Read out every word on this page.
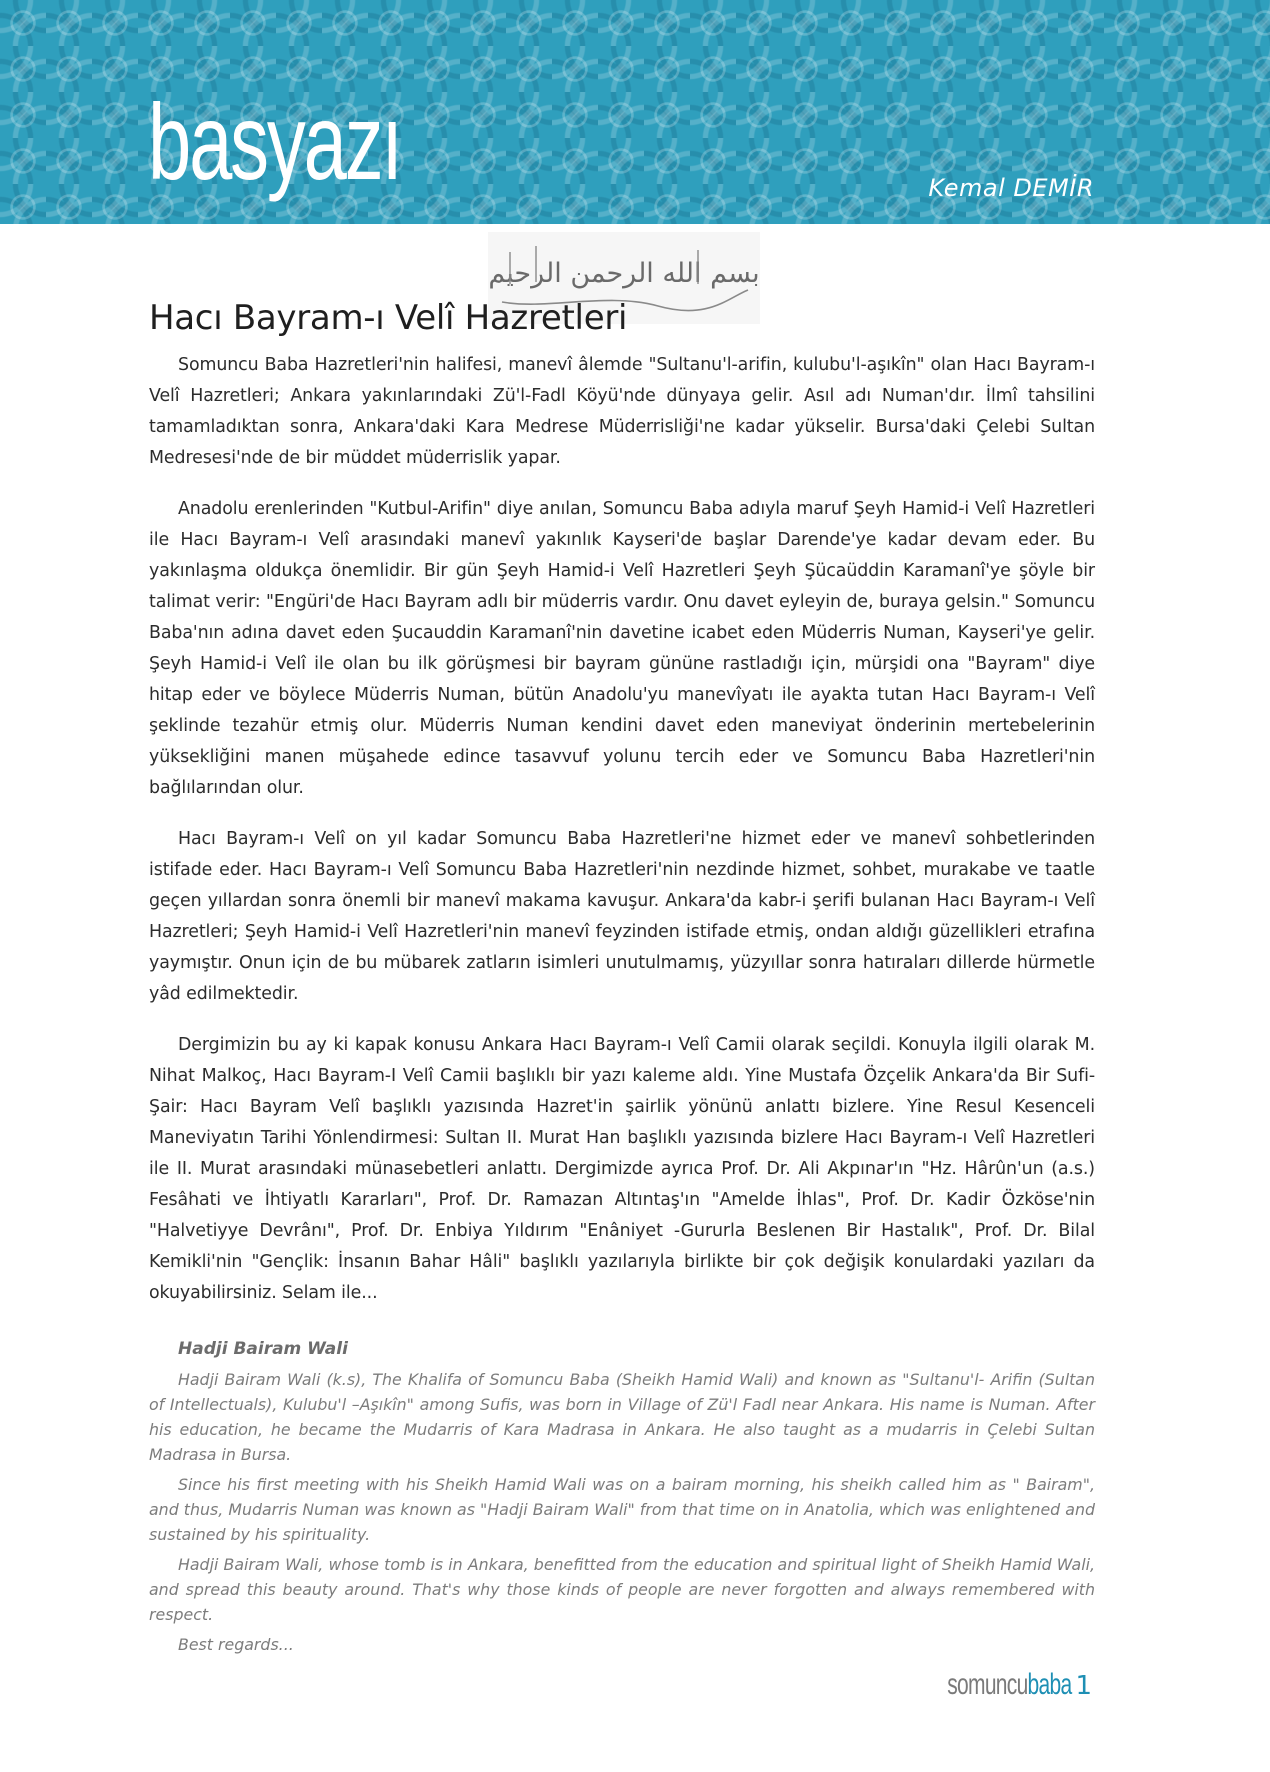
basyazı	Kemal DEMİR
بسم الله الرحمن الرحيم
Hacı Bayram-ı Velî Hazretleri

Somuncu Baba Hazretleri'nin halifesi, manevî âlemde "Sultanu'l-arifin, kulubu'l-aşıkîn" olan Hacı Bayram-ı Velî Hazretleri; Ankara yakınlarındaki Zü'l-Fadl Köyü'nde dünyaya gelir. Asıl adı Numan'dır. İlmî tahsilini tamamladıktan sonra, Ankara'daki Kara Medrese Müderrisliği'ne kadar yükselir. Bursa'daki Çelebi Sultan Medresesi'nde de bir müddet müderrislik yapar.

Anadolu erenlerinden "Kutbul-Arifin" diye anılan, Somuncu Baba adıyla maruf Şeyh Hamid-i Velî Hazretleri ile Hacı Bayram-ı Velî arasındaki manevî yakınlık Kayseri'de başlar Darende'ye kadar devam eder. Bu yakınlaşma oldukça önemlidir. Bir gün Şeyh Hamid-i Velî Hazretleri Şeyh Şücaüddin Karamanî'ye şöyle bir talimat verir: "Engüri'de Hacı Bayram adlı bir müderris vardır. Onu davet eyleyin de, buraya gelsin." Somuncu Baba'nın adına davet eden Şucauddin Karamanî'nin davetine icabet eden Müderris Numan, Kayseri'ye gelir. Şeyh Hamid-i Velî ile olan bu ilk görüşmesi bir bayram gününe rastladığı için, mürşidi ona "Bayram" diye hitap eder ve böylece Müderris Numan, bütün Anadolu'yu manevîyatı ile ayakta tutan Hacı Bayram-ı Velî şeklinde tezahür etmiş olur. Müderris Numan kendini davet eden maneviyat önderinin mertebelerinin yüksekliğini manen müşahede edince tasavvuf yolunu tercih eder ve Somuncu Baba Hazretleri'nin bağlılarından olur.

Hacı Bayram-ı Velî on yıl kadar Somuncu Baba Hazretleri'ne hizmet eder ve manevî sohbetlerinden istifade eder. Hacı Bayram-ı Velî Somuncu Baba Hazretleri'nin nezdinde hizmet, sohbet, murakabe ve taatle geçen yıllardan sonra önemli bir manevî makama kavuşur. Ankara'da kabr-i şerifi bulanan Hacı Bayram-ı Velî Hazretleri; Şeyh Hamid-i Velî Hazretleri'nin manevî feyzinden istifade etmiş, ondan aldığı güzellikleri etrafına yaymıştır. Onun için de bu mübarek zatların isimleri unutulmamış, yüzyıllar sonra hatıraları dillerde hürmetle yâd edilmektedir.

Dergimizin bu ay ki kapak konusu Ankara Hacı Bayram-ı Velî Camii olarak seçildi. Konuyla ilgili olarak M. Nihat Malkoç, Hacı Bayram-I Velî Camii başlıklı bir yazı kaleme aldı. Yine Mustafa Özçelik Ankara'da Bir Sufi-Şair: Hacı Bayram Velî başlıklı yazısında Hazret'in şairlik yönünü anlattı bizlere. Yine Resul Kesenceli Maneviyatın Tarihi Yönlendirmesi: Sultan II. Murat Han başlıklı yazısında bizlere Hacı Bayram-ı Velî Hazretleri ile II. Murat arasındaki münasebetleri anlattı. Dergimizde ayrıca Prof. Dr. Ali Akpınar'ın "Hz. Hârûn'un (a.s.) Fesâhati ve İhtiyatlı Kararları", Prof. Dr. Ramazan Altıntaş'ın "Amelde İhlas", Prof. Dr. Kadir Özköse'nin "Halvetiyye Devrânı", Prof. Dr. Enbiya Yıldırım "Enâniyet -Gururla Beslenen Bir Hastalık", Prof. Dr. Bilal Kemikli'nin "Gençlik: İnsanın Bahar Hâli" başlıklı yazılarıyla birlikte bir çok değişik konulardaki yazıları da okuyabilirsiniz. Selam ile...

Hadji Bairam Wali

Hadji Bairam Wali (k.s), The Khalifa of Somuncu Baba (Sheikh Hamid Wali) and known as "Sultanu'l- Arifin (Sultan of Intellectuals), Kulubu'l –Aşıkîn" among Sufis, was born in Village of Zü'l Fadl near Ankara. His name is Numan. After his education, he became the Mudarris of Kara Madrasa in Ankara. He also taught as a mudarris in Çelebi Sultan Madrasa in Bursa.

Since his first meeting with his Sheikh Hamid Wali was on a bairam morning, his sheikh called him as " Bairam", and thus, Mudarris Numan was known as "Hadji Bairam Wali" from that time on in Anatolia, which was enlightened and sustained by his spirituality.

Hadji Bairam Wali, whose tomb is in Ankara, benefitted from the education and spiritual light of Sheikh Hamid Wali, and spread this beauty around. That's why those kinds of people are never forgotten and always remembered with respect.

Best regards...

somuncubaba 1
